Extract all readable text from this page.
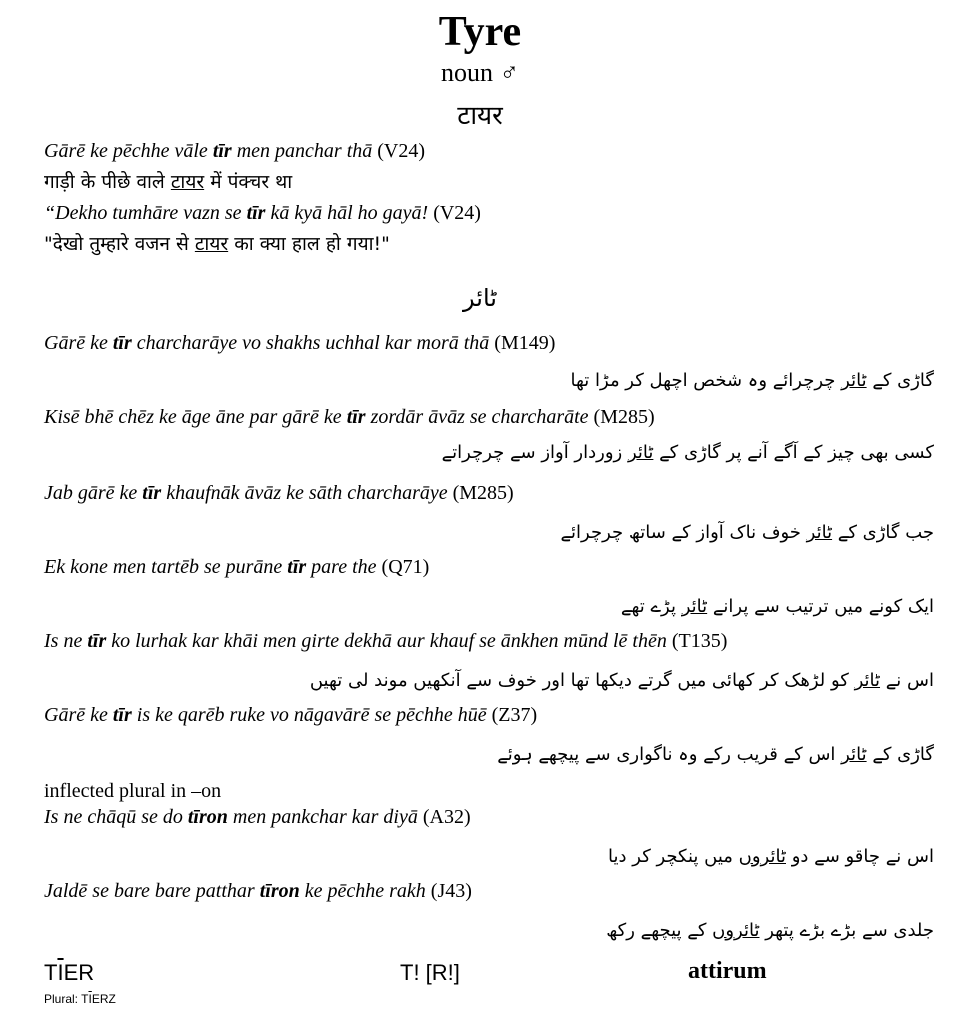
Tyre
noun ♂
टायर
Gārē ke pēchhe vāle tīr men panchar thā (V24)
गाड़ी के पीछे वाले टायर में पंक्चर था
“Dekho tumhāre vazn se tīr kā kyā hāl ho gayā! (V24)
"देखो तुम्हारे वजन से टायर का क्या हाल हो गया!"
ٹائر
Gārē ke tīr charcharāye vo shakhs uchhal kar morā thā (M149)
گاڑی کے ٹائر چرچرائے وہ شخص اچھل کر مڑا تھا
Kisē bhē chēz ke āge āne par gārē ke tīr zordār āvāz se charcharāte (M285)
کسی بھی چیز کے آگے آنے پر گاڑی کے ٹائر زوردار آواز سے چرچراتے
Jab gārē ke tīr khaufnāk āvāz ke sāth charcharāye (M285)
جب گاڑی کے ٹائر خوف ناک آواز کے ساتھ چرچرائے
Ek kone men tartēb se purāne tīr pare the (Q71)
ایک کونے میں ترتیب سے پرانے ٹائر پڑے تھے
Is ne tīr ko lurhak kar khāi men girte dekhā aur khauf se ānkhen mūnd lē thēn (T135)
اس نے ٹائر کو لڑھک کر کھائی میں گرتے دیکھا تھا اور خوف سے آنکھیں موند لی تھیں
Gārē ke tīr is ke qarēb ruke vo nāgavārē se pēchhe hūē (Z37)
گاڑی کے ٹائر اس کے قریب رکے وہ ناگواری سے پیچھے ہوئے
inflected plural in –on
Is ne chāqū se do tīron men pankchar kar diyā (A32)
اس نے چاقو سے دو ٹائروں میں پنکچر کر دیا
Jaldē se bare bare patthar tīron ke pēchhe rakh (J43)
جلدی سے بڑے بڑے پتھر ٹائروں کے پیچھے رکھ
$T\overline{I}ER$
Plural: $T\overline{I}ERZ$
T! [R!]	attirum
